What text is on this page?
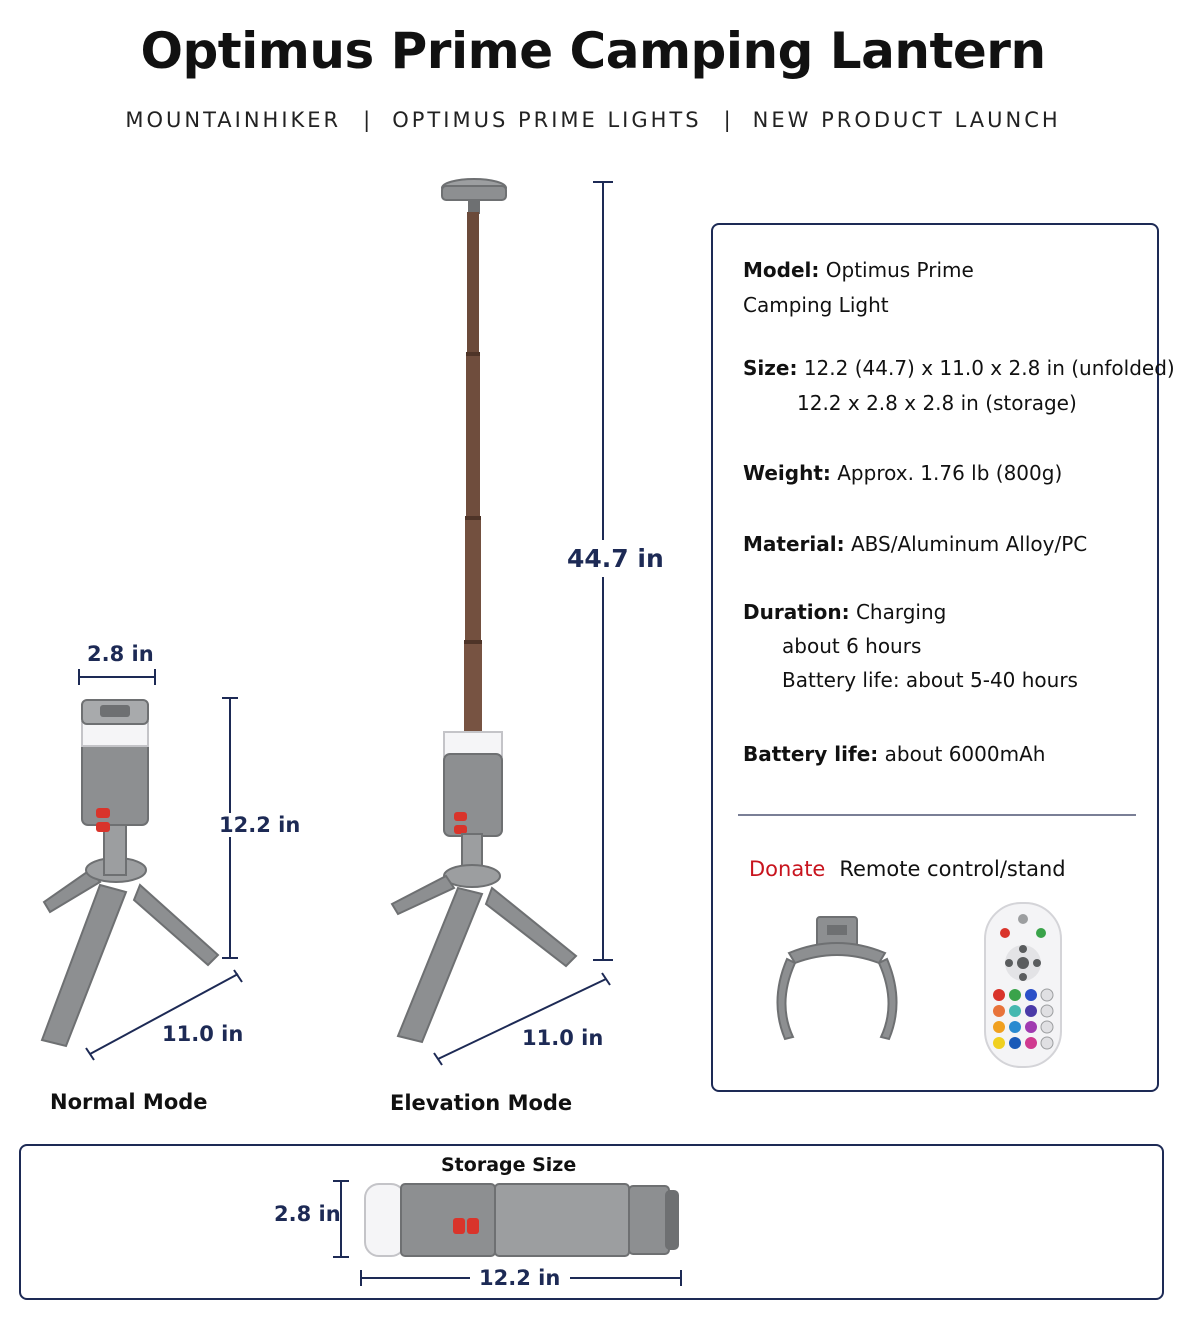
Optimus Prime Camping Lantern
MOUNTAINHIKER | OPTIMUS PRIME LIGHTS | NEW PRODUCT LAUNCH
2.8 in
12.2 in
11.0 in
Normal Mode
44.7 in
11.0 in
Elevation Mode
Model: Optimus Prime
Camping Light
Size: 12.2 (44.7) x 11.0 x 2.8 in (unfolded)
12.2 x 2.8 x 2.8 in (storage)
Weight: Approx. 1.76 lb (800g)
Material: ABS/Aluminum Alloy/PC
Duration: Charging
about 6 hours
Battery life: about 5-40 hours
Battery life: about 6000mAh
Donate Remote control/stand
Storage Size
2.8 in
12.2 in
